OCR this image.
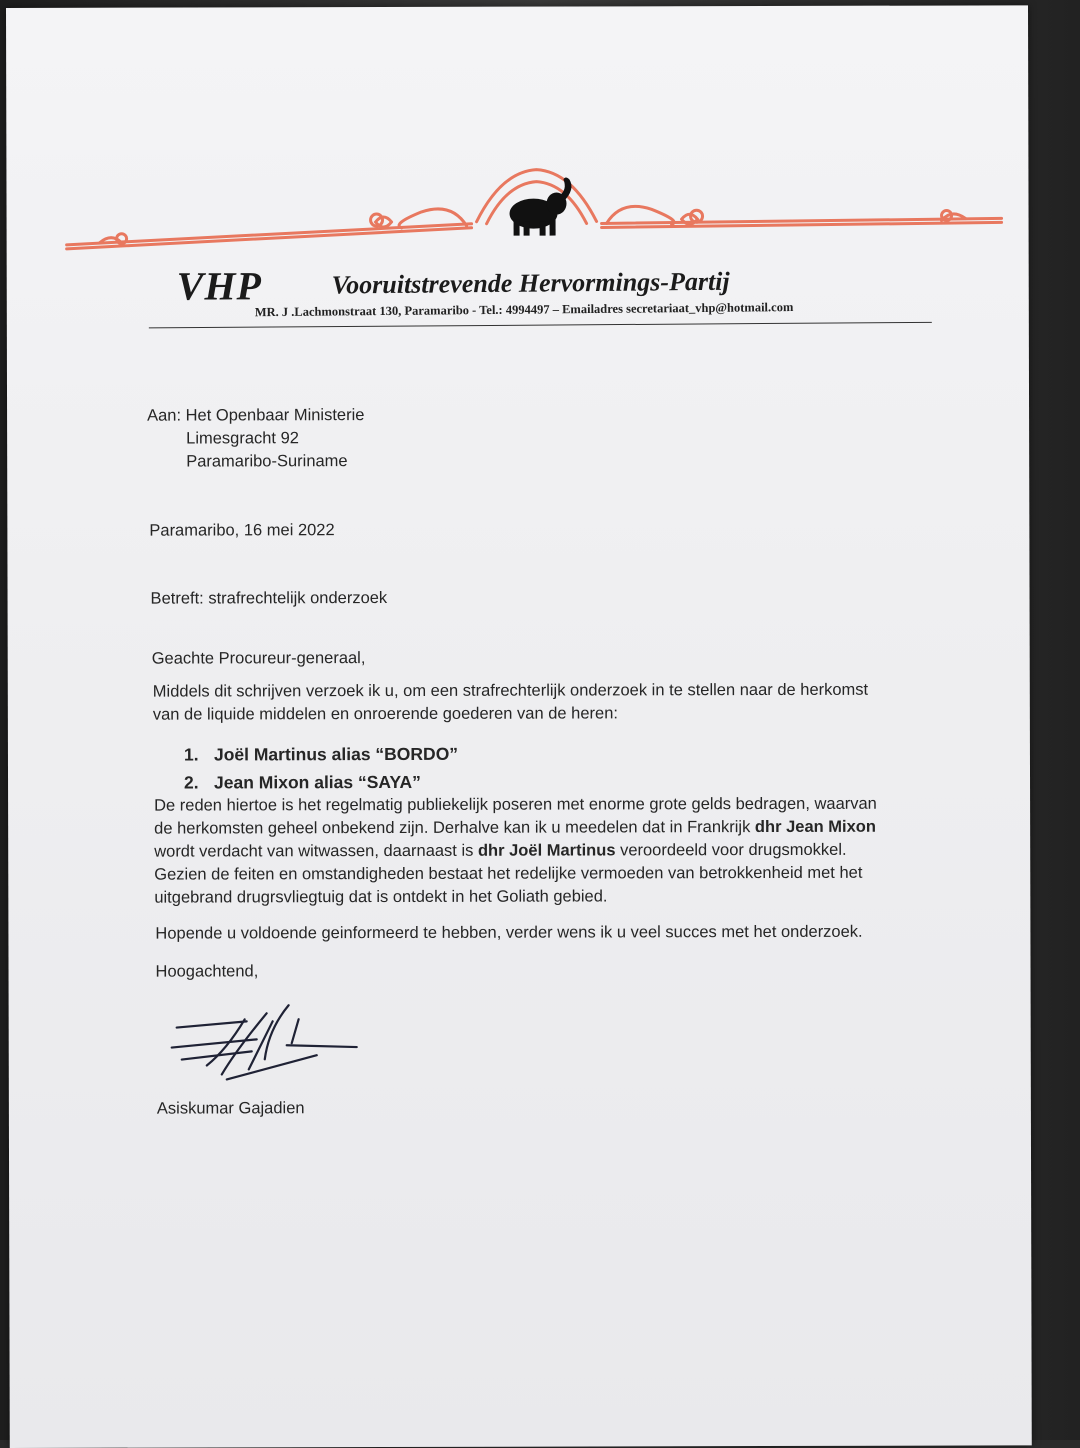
VHP	Vooruitstrevende Hervormings-Partij
MR. J .Lachmonstraat 130, Paramaribo - Tel.: 4994497 – Emailadres secretariaat_vhp@hotmail.com
Aan: Het Openbaar Ministerie
Limesgracht 92
Paramaribo-Suriname
Paramaribo, 16 mei 2022
Betreft: strafrechtelijk onderzoek
Geachte Procureur-generaal,
Middels dit schrijven verzoek ik u, om een strafrechterlijk onderzoek in te stellen naar de herkomst
van de liquide middelen en onroerende goederen van de heren:
1. Joël Martinus alias “BORDO”
2. Jean Mixon alias “SAYA”
De reden hiertoe is het regelmatig publiekelijk poseren met enorme grote gelds bedragen, waarvan
de herkomsten geheel onbekend zijn. Derhalve kan ik u meedelen dat in Frankrijk dhr Jean Mixon
wordt verdacht van witwassen, daarnaast is dhr Joël Martinus veroordeeld voor drugsmokkel.
Gezien de feiten en omstandigheden bestaat het redelijke vermoeden van betrokkenheid met het
uitgebrand drugrsvliegtuig dat is ontdekt in het Goliath gebied.
Hopende u voldoende geinformeerd te hebben, verder wens ik u veel succes met het onderzoek.
Hoogachtend,
Asiskumar Gajadien
